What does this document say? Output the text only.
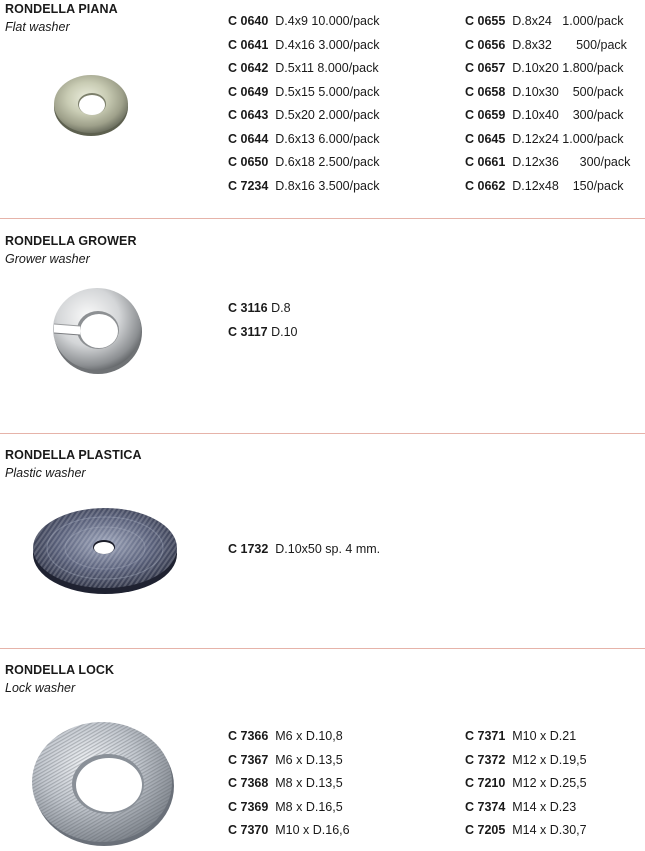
RONDELLA PIANA
Flat washer	C 0640  D.4x9 10.000/pack
C 0641  D.4x16 3.000/pack
C 0642  D.5x11 8.000/pack
C 0649  D.5x15 5.000/pack
C 0643  D.5x20 2.000/pack
C 0644  D.6x13 6.000/pack
C 0650  D.6x18 2.500/pack
C 7234  D.8x16 3.500/pack
C 0655  D.8x24   1.000/pack
C 0656  D.8x32       500/pack
C 0657  D.10x20 1.800/pack
C 0658  D.10x30    500/pack
C 0659  D.10x40    300/pack
C 0645  D.12x24 1.000/pack
C 0661  D.12x36      300/pack
C 0662  D.12x48    150/pack
RONDELLA GROWER
Grower washer
C 3116 D.8
C 3117 D.10
RONDELLA PLASTICA
Plastic washer
C 1732  D.10x50 sp. 4 mm.
RONDELLA LOCK
Lock washer
C 7366  M6 x D.10,8
C 7367  M6 x D.13,5
C 7368  M8 x D.13,5
C 7369  M8 x D.16,5
C 7370  M10 x D.16,6
C 7371  M10 x D.21
C 7372  M12 x D.19,5
C 7210  M12 x D.25,5
C 7374  M14 x D.23
C 7205  M14 x D.30,7
